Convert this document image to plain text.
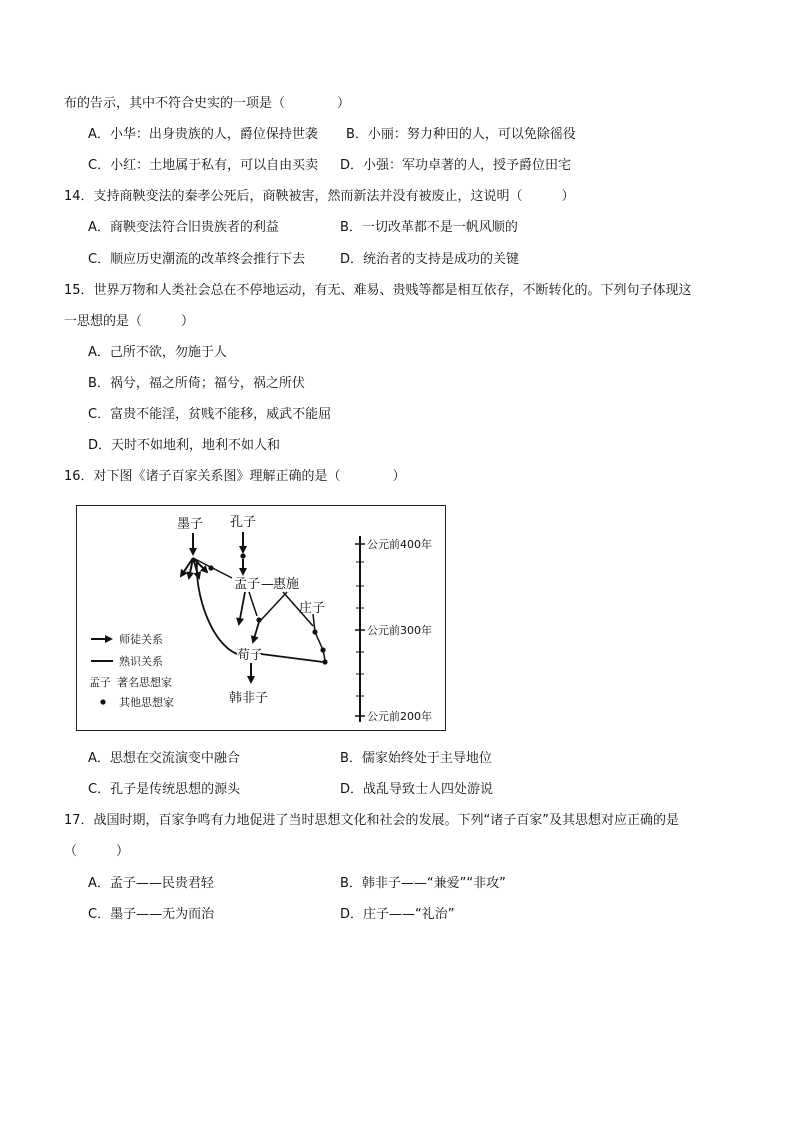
布的告示，其中不符合史实的一项是（　　　　）
A．小华：出身贵族的人，爵位保持世袭 B．小丽：努力种田的人，可以免除徭役
C．小红：土地属于私有，可以自由买卖 D．小强：军功卓著的人，授予爵位田宅
14．支持商鞅变法的秦孝公死后，商鞅被害，然而新法并没有被废止，这说明（　　　）
A．商鞅变法符合旧贵族者的利益	B．一切改革都不是一帆风顺的
C．顺应历史潮流的改革终会推行下去	D．统治者的支持是成功的关键
15．世界万物和人类社会总在不停地运动，有无、难易、贵贱等都是相互依存，不断转化的。下列句子体现这
一思想的是（　　　）
A．己所不欲，勿施于人
B．祸兮，福之所倚；福兮，祸之所伏
C．富贵不能淫，贫贱不能移，威武不能屈
D．天时不如地利，地利不如人和
16．对下图《诸子百家关系图》理解正确的是（　　　　）
墨子 孔子
孟子 — 惠施
庄子
荀子
韩非子
师徒关系
熟识关系
孟子 著名思想家
其他思想家
公元前400年
公元前300年
公元前200年
A．思想在交流演变中融合	B．儒家始终处于主导地位
C．孔子是传统思想的源头	D．战乱导致士人四处游说
17．战国时期，百家争鸣有力地促进了当时思想文化和社会的发展。下列“诸子百家”及其思想对应正确的是
（　　　）
A．孟子——民贵君轻	B．韩非子——“兼爱”“非攻”
C．墨子——无为而治	D．庄子——“礼治”
